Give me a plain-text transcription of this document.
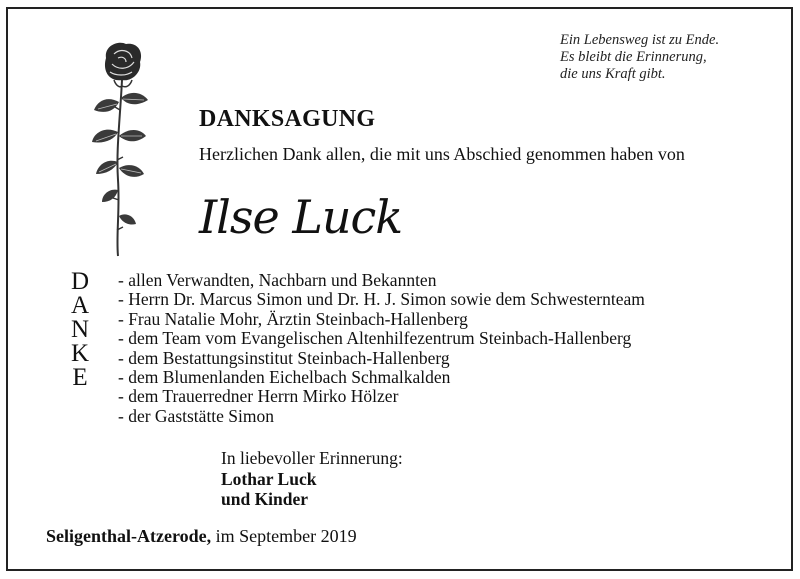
Ein Lebensweg ist zu Ende.
Es bleibt die Erinnerung,
die uns Kraft gibt.
DANKSAGUNG
Herzlichen Dank allen, die mit uns Abschied genommen haben von
Ilse Luck
D
A
N
K
E
- allen Verwandten, Nachbarn und Bekannten
- Herrn Dr. Marcus Simon und Dr. H. J. Simon sowie dem Schwesternteam
- Frau Natalie Mohr, Ärztin Steinbach-Hallenberg
- dem Team vom Evangelischen Altenhilfezentrum Steinbach-Hallenberg
- dem Bestattungsinstitut Steinbach-Hallenberg
- dem Blumenlanden Eichelbach Schmalkalden
- dem Trauerredner Herrn Mirko Hölzer
- der Gaststätte Simon
In liebevoller Erinnerung:
Lothar Luck
und Kinder
Seligenthal-Atzerode, im September 2019
